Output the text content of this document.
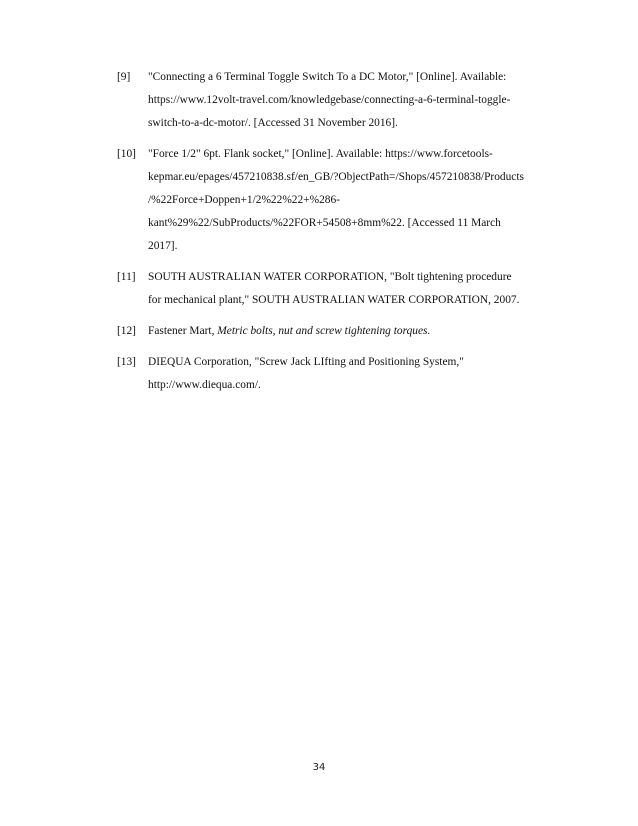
[9]	"Connecting a 6 Terminal Toggle Switch To a DC Motor," [Online]. Available:
https://www.12volt-travel.com/knowledgebase/connecting-a-6-terminal-toggle-
switch-to-a-dc-motor/. [Accessed 31 November 2016].
[10]	"Force 1/2" 6pt. Flank socket," [Online]. Available: https://www.forcetools-
kepmar.eu/epages/457210838.sf/en_GB/?ObjectPath=/Shops/457210838/Products
/%22Force+Doppen+1/2%22%22+%286-
kant%29%22/SubProducts/%22FOR+54508+8mm%22. [Accessed 11 March
2017].
[11]	SOUTH AUSTRALIAN WATER CORPORATION, "Bolt tightening procedure
for mechanical plant," SOUTH AUSTRALIAN WATER CORPORATION, 2007.
[12]	Fastener Mart, Metric bolts, nut and screw tightening torques.
[13]	DIEQUA Corporation, "Screw Jack LIfting and Positioning System,"
http://www.diequa.com/.
34
